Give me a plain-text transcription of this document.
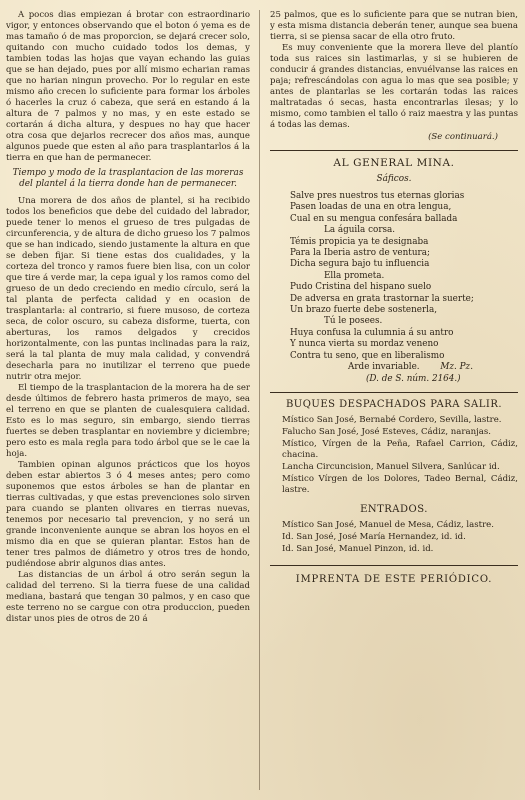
Á pocos dias empiezan á brotar con estraordinario vigor, y entonces observando que el boton ó yema es de mas tamaño ó de mas proporcion, se dejará crecer solo, quitando con mucho cuidado todos los demas, y tambien todas las hojas que vayan echando las guias que se han dejado, pues por allí mismo echarian ramas que no harian ningun provecho. Por lo regular en este mismo año crecen lo suficiente para formar los árboles ó hacerles la cruz ó cabeza, que será en estando á la altura de 7 palmos y no mas, y en este estado se cortarán á dicha altura, y despues no hay que hacer otra cosa que dejarlos recrecer dos años mas, aunque algunos puede que esten al año para trasplantarlos á la tierra en que han de permanecer.

Tiempo y modo de la trasplantacion de las moreras del plantel á la tierra donde han de permanecer.

Una morera de dos años de plantel, si ha recibido todos los beneficios que debe del cuidado del labrador, puede tener lo menos el grueso de tres pulgadas de circunferencia, y de altura de dicho grueso los 7 palmos que se han indicado, siendo justamente la altura en que se deben fijar. Si tiene estas dos cualidades, y la corteza del tronco y ramos fuere bien lisa, con un color que tire á verde mar, la cepa igual y los ramos como del grueso de un dedo creciendo en medio círculo, será la tal planta de perfecta calidad y en ocasion de trasplantarla: al contrario, si fuere musoso, de corteza seca, de color oscuro, su cabeza disforme, tuerta, con aberturas, los ramos delgados y crecidos horizontalmente, con las puntas inclinadas para la raiz, será la tal planta de muy mala calidad, y convendrá desecharla para no inutilizar el terreno que puede nutrir otra mejor.

El tiempo de la trasplantacion de la morera ha de ser desde últimos de febrero hasta primeros de mayo, sea el terreno en que se planten de cualesquiera calidad. Esto es lo mas seguro, sin embargo, siendo tierras fuertes se deben trasplantar en noviembre y diciembre; pero esto es mala regla para todo árbol que se le cae la hoja.

Tambien opinan algunos prácticos que los hoyos deben estar abiertos 3 ó 4 meses antes; pero como suponemos que estos árboles se han de plantar en tierras cultivadas, y que estas prevenciones solo sirven para cuando se planten olivares en tierras nuevas, tenemos por necesario tal prevencion, y no será un grande inconveniente aunque se abran los hoyos en el mismo dia en que se quieran plantar. Estos han de tener tres palmos de diámetro y otros tres de hondo, pudiéndose abrir algunos dias antes.

Las distancias de un árbol á otro serán segun la calidad del terreno. Si la tierra fuese de una calidad mediana, bastará que tengan 30 palmos, y en caso que este terreno no se cargue con otra produccion, pueden distar unos pies de otros de 20 á

25 palmos, que es lo suficiente para que se nutran bien, y esta misma distancia deberán tener, aunque sea buena tierra, si se piensa sacar de ella otro fruto.

Es muy conveniente que la morera lleve del plantío toda sus raices sin lastimarlas, y si se hubieren de conducir á grandes distancias, envuélvanse las raices en paja; refrescándolas con agua lo mas que sea posible; y antes de plantarlas se les cortarán todas las raices maltratadas ó secas, hasta encontrarlas ilesas; y lo mismo, como tambien el tallo ó raiz maestra y las puntas á todas las demas.

(Se continuará.)

AL GENERAL MINA.
Sáficos.
Salve pres nuestros tus eternas glorias
Pasen loadas de una en otra lengua,
Cual en su mengua confesára ballada
La águila corsa.
Témis propicia ya te designaba
Para la Iberia astro de ventura;
Dicha segura bajo tu influencia
Ella prometa.
Pudo Cristina del hispano suelo
De adversa en grata trastornar la suerte;
Un brazo fuerte debe sostenerla,
Tú le posees.
Huya confusa la culumnia á su antro
Y nunca vierta su mordaz veneno
Contra tu seno, que en liberalismo
Arde invariable. Mz. Pz.
(D. de S. núm. 2164.)
BUQUES DESPACHADOS PARA SALIR.

Místico San José, Bernabé Cordero, Sevilla, lastre.

Falucho San José, José Esteves, Cádiz, naranjas.

Místico, Vírgen de la Peña, Rafael Carrion, Cádiz, chacina.

Lancha Circuncision, Manuel Silvera, Sanlúcar id.

Místico Vírgen de los Dolores, Tadeo Bernal, Cádiz, lastre.

ENTRADOS.

Místico San José, Manuel de Mesa, Cádiz, lastre.

Id. San José, José María Hernandez, id. id.

Id. San José, Manuel Pinzon, id. id.

IMPRENTA DE ESTE PERIÓDICO.
